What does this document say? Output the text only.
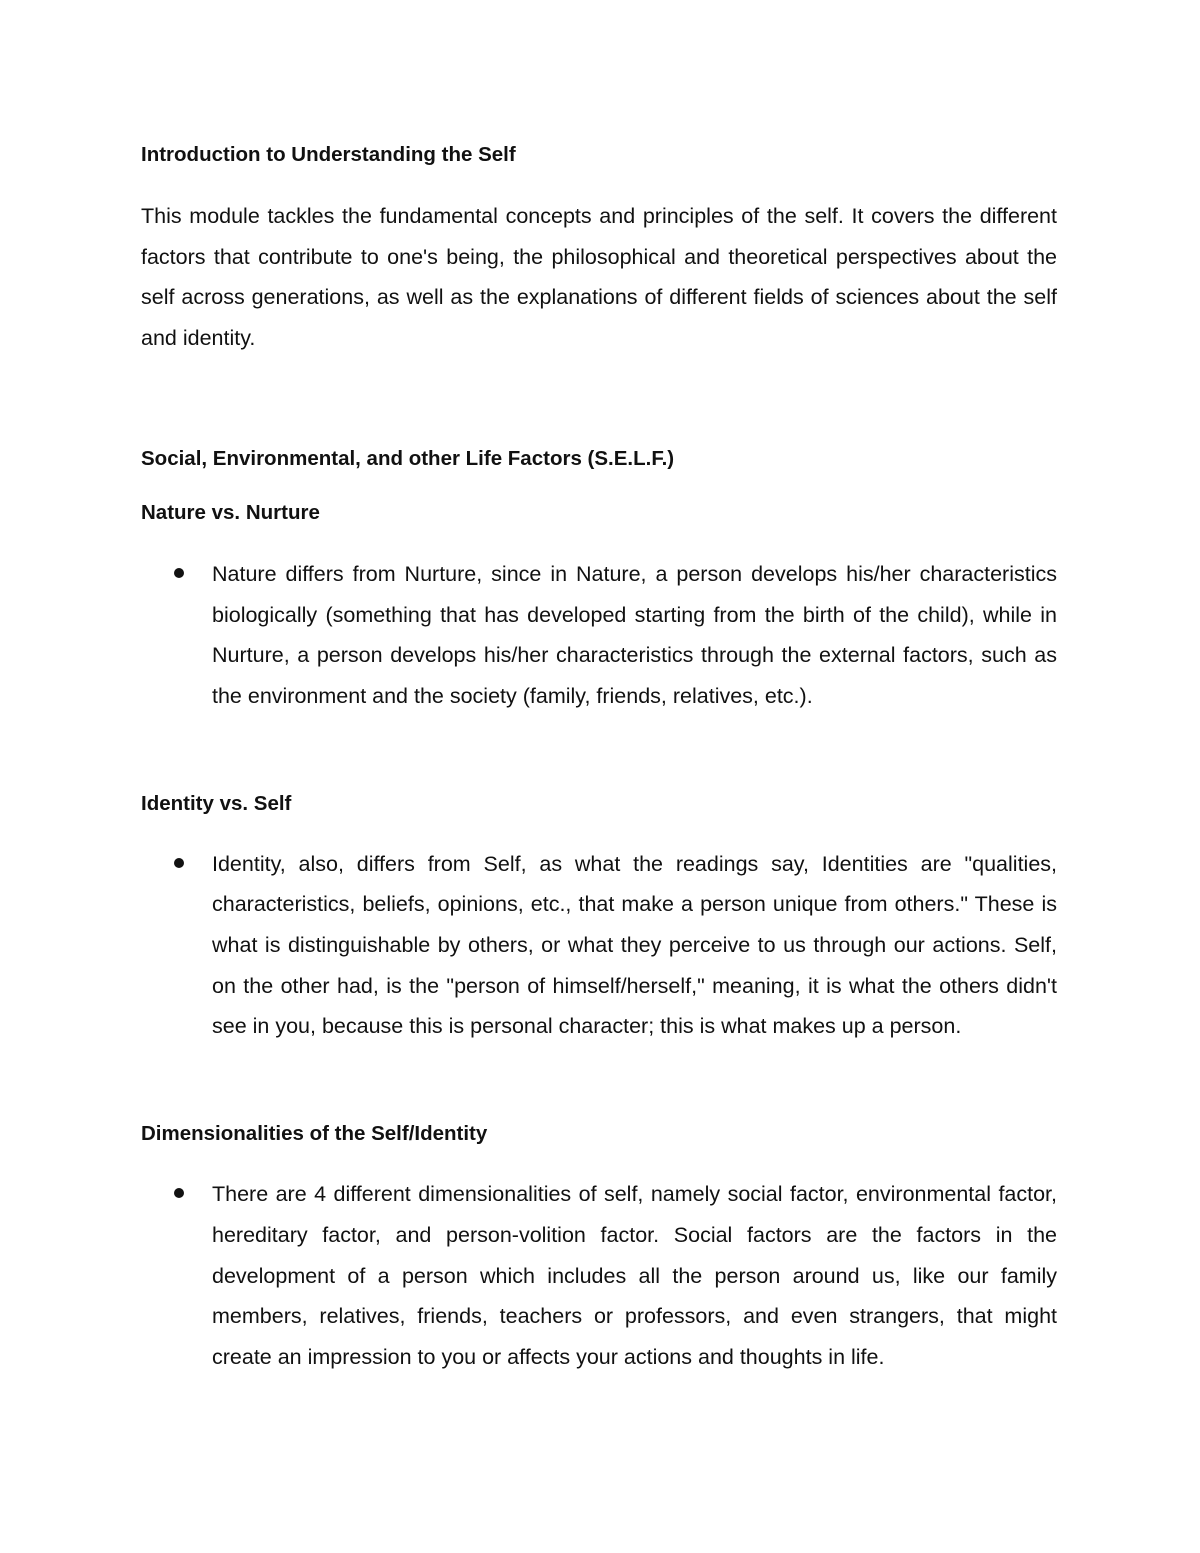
Introduction to Understanding the Self

This module tackles the fundamental concepts and principles of the self. It covers the different factors that contribute to one's being, the philosophical and theoretical perspectives about the self across generations, as well as the explanations of different fields of sciences about the self and identity.

Social, Environmental, and other Life Factors (S.E.L.F.)
Nature vs. Nurture

Nature differs from Nurture, since in Nature, a person develops his/her characteristics biologically (something that has developed starting from the birth of the child), while in Nurture, a person develops his/her characteristics through the external factors, such as the environment and the society (family, friends, relatives, etc.).

Identity vs. Self

Identity, also, differs from Self, as what the readings say, Identities are "qualities, characteristics, beliefs, opinions, etc., that make a person unique from others." These is what is distinguishable by others, or what they perceive to us through our actions. Self, on the other had, is the "person of himself/herself," meaning, it is what the others didn't see in you, because this is personal character; this is what makes up a person.

Dimensionalities of the Self/Identity

There are 4 different dimensionalities of self, namely social factor, environmental factor, hereditary factor, and person-volition factor. Social factors are the factors in the development of a person which includes all the person around us, like our family members, relatives, friends, teachers or professors, and even strangers, that might create an impression to you or affects your actions and thoughts in life.
